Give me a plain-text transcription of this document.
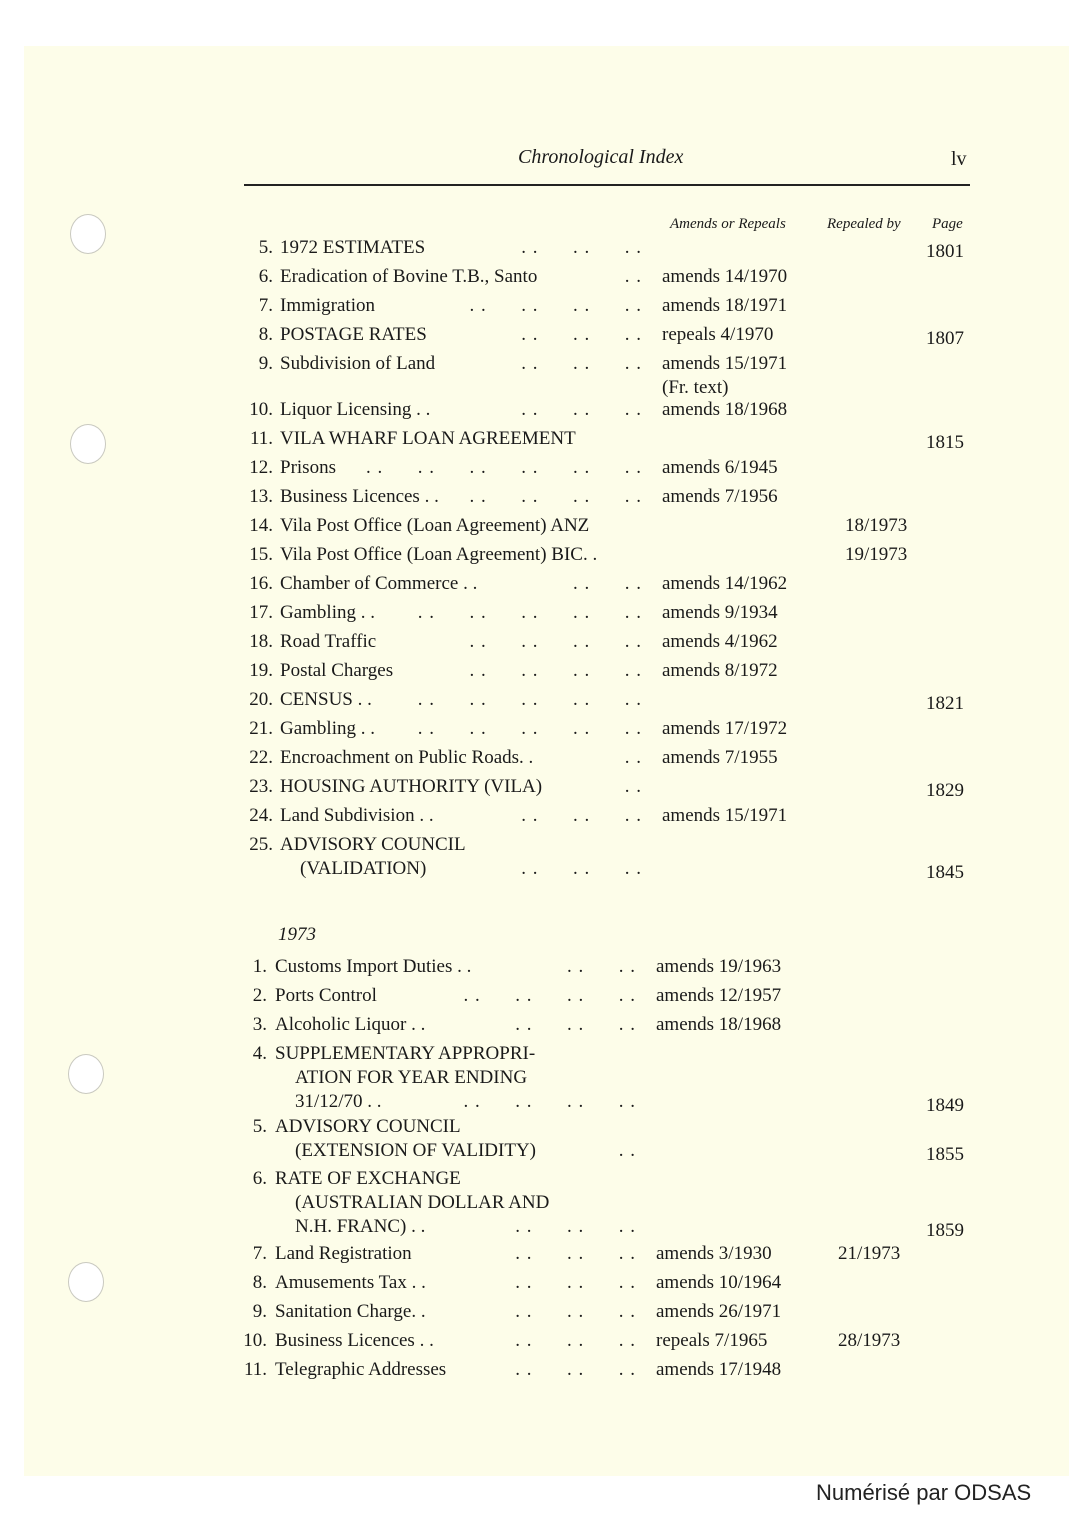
Chronological Index	lv
Amends or Repeals	Repealed by Page
5. 1972 ESTIMATES	. .      . .      . .	1801
6. Eradication of Bovine T.B., Santo	. . amends 14/1970
7. Immigration	. .      . .      . .      . . amends 18/1971
8. POSTAGE RATES	. .      . .      . . repeals 4/1970	1807
9. Subdivision of Land	. .      . .      . . amends 15/1971
(Fr. text)
10. Liquor Licensing . .	. .      . .      . . amends 18/1968
11. VILA WHARF LOAN AGREEMENT	1815
12. Prisons . .      . .      . .      . .      . .      . . amends 6/1945
13. Business Licences . . . .      . .      . .      . . amends 7/1956
14. Vila Post Office (Loan Agreement) ANZ	18/1973
15. Vila Post Office (Loan Agreement) BIC. .	19/1973
16. Chamber of Commerce . .	. .      . . amends 14/1962
17. Gambling . . . .      . .      . .      . .      . . amends 9/1934
18. Road Traffic	. .      . .      . .      . . amends 4/1962
19. Postal Charges	. .      . .      . .      . . amends 8/1972
20. CENSUS . . . .      . .      . .      . .      . .	1821
21. Gambling . . . .      . .      . .      . .      . . amends 17/1972
22. Encroachment on Public Roads. .	. . amends 7/1955
23. HOUSING AUTHORITY (VILA)	. .	1829
24. Land Subdivision . .	. .      . .      . . amends 15/1971
25. ADVISORY COUNCIL
(VALIDATION)	. .      . .      . .	1845
1973
1. Customs Import Duties . .	. .      . . amends 19/1963
2. Ports Control	. .      . .      . .      . . amends 12/1957
3. Alcoholic Liquor . .	. .      . .      . . amends 18/1968
4. SUPPLEMENTARY APPROPRI-
ATION FOR YEAR ENDING
31/12/70 . .	. .      . .      . .      . .	1849
5. ADVISORY COUNCIL
(EXTENSION OF VALIDITY)	. .	1855
6. RATE OF EXCHANGE
(AUSTRALIAN DOLLAR AND
N.H. FRANC) . .	. .      . .      . .	1859
7. Land Registration	. .      . .      . . amends 3/1930	21/1973
8. Amusements Tax . .	. .      . .      . . amends 10/1964
9. Sanitation Charge. .	. .      . .      . . amends 26/1971
10. Business Licences . .	. .      . .      . . repeals 7/1965	28/1973
11. Telegraphic Addresses	. .      . .      . . amends 17/1948
Numérisé par ODSAS
